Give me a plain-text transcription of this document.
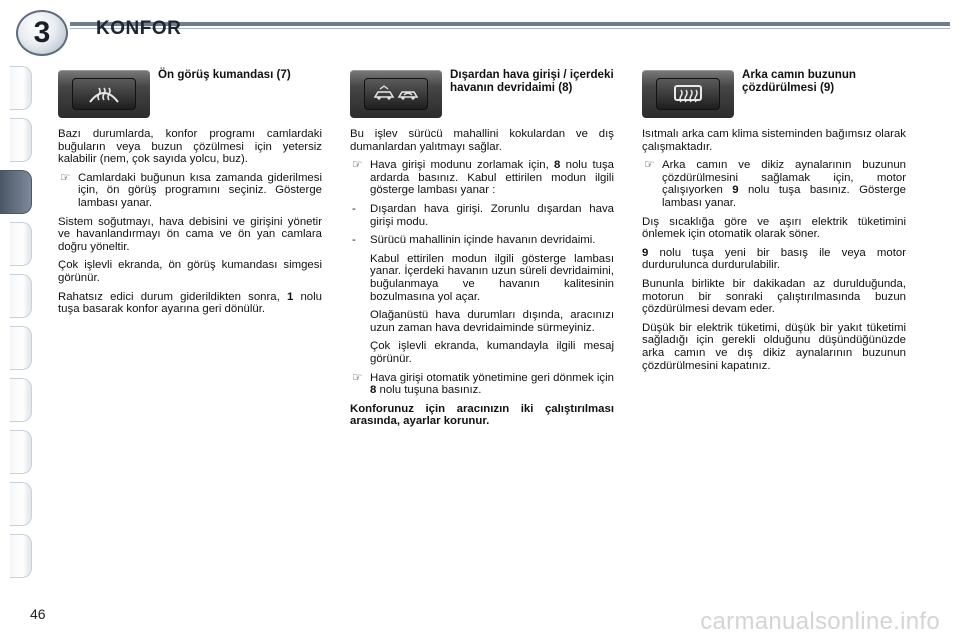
3 KONFOR
Ön görüş kumandası (7)
Bazı durumlarda, konfor programı camlardaki buğuların veya buzun çözülmesi için yetersiz kalabilir (nem, çok sayıda yolcu, buz).
☞ Camlardaki buğunun kısa zamanda giderilmesi için, ön görüş programını seçiniz. Gösterge lambası yanar.
Sistem soğutmayı, hava debisini ve girişini yönetir ve havanlandırmayı ön cama ve ön yan camlara doğru yöneltir.
Çok işlevli ekranda, ön görüş kumandası simgesi görünür.
Rahatsız edici durum giderildikten sonra, 1 nolu tuşa basarak konfor ayarına geri dönülür.
Dışardan hava girişi / içerdeki havanın devridaimi (8)
Bu işlev sürücü mahallini kokulardan ve dış dumanlardan yalıtmayı sağlar.
☞ Hava girişi modunu zorlamak için, 8 nolu tuşa ardarda basınız. Kabul ettirilen modun ilgili gösterge lambası yanar :
- Dışardan hava girişi. Zorunlu dışardan hava girişi modu.
- Sürücü mahallinin içinde havanın devridaimi.
Kabul ettirilen modun ilgili gösterge lambası yanar. İçerdeki havanın uzun süreli devridaimini, buğulanmaya ve havanın kalitesinin bozulmasına yol açar.
Olağanüstü hava durumları dışında, aracınızı uzun zaman hava devridaiminde sürmeyiniz.
Çok işlevli ekranda, kumandayla ilgili mesaj görünür.
☞ Hava girişi otomatik yönetimine geri dönmek için 8 nolu tuşuna basınız.
Konforunuz için aracınızın iki çalıştırılması arasında, ayarlar korunur.
Arka camın buzunun çözdürülmesi (9)
Isıtmalı arka cam klima sisteminden bağımsız olarak çalışmaktadır.
☞ Arka camın ve dikiz aynalarının buzunun çözdürülmesini sağlamak için, motor çalışıyorken 9 nolu tuşa basınız. Gösterge lambası yanar.
Dış sıcaklığa göre ve aşırı elektrik tüketimini önlemek için otomatik olarak söner.
9 nolu tuşa yeni bir basış ile veya motor durdurulunca durdurulabilir.
Bununla birlikte bir dakikadan az durulduğunda, motorun bir sonraki çalıştırılmasında buzun çözdürülmesi devam eder.
Düşük bir elektrik tüketimi, düşük bir yakıt tüketimi sağladığı için gerekli olduğunu düşündüğünüzde arka camın ve dış dikiz aynalarının buzunun çözdürülmesini kapatınız.
46	carmanualsonline.info
